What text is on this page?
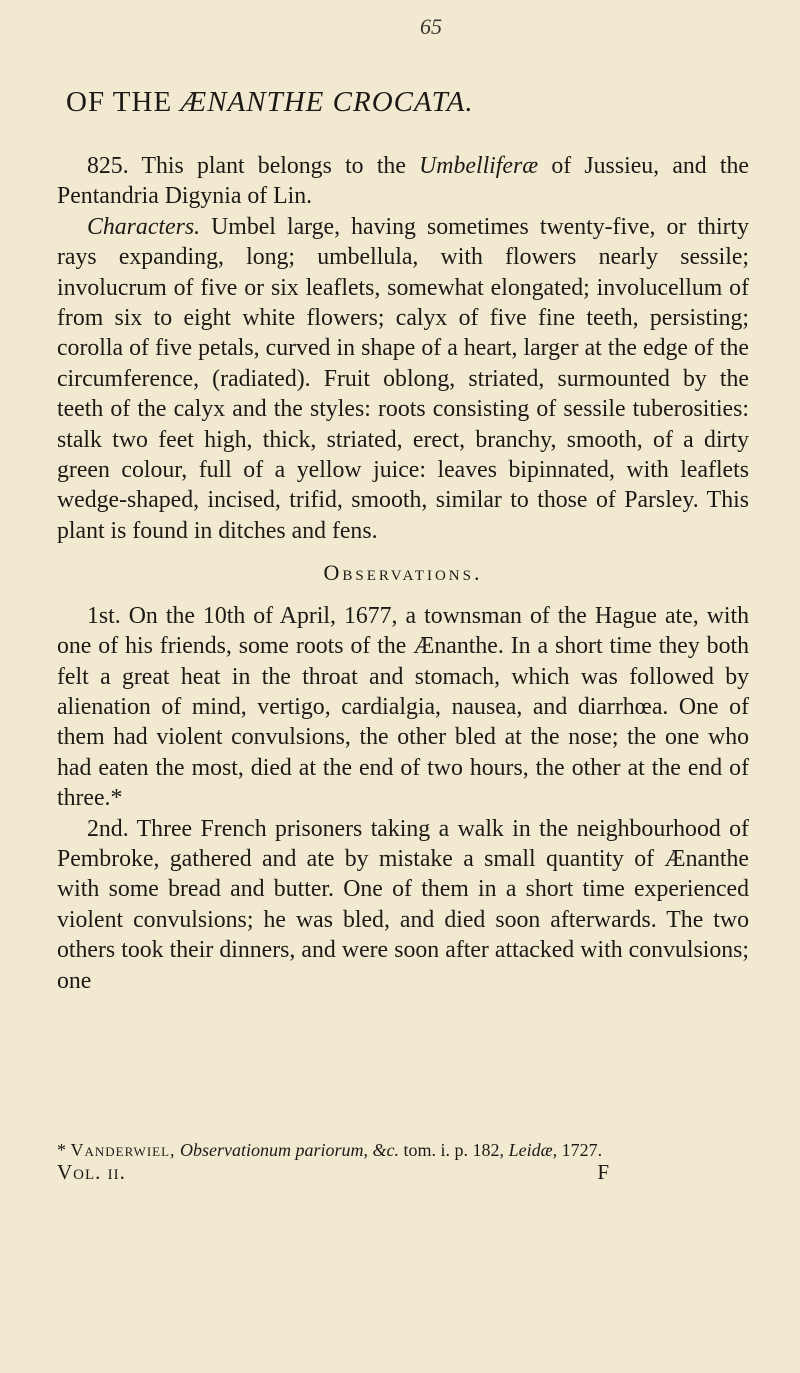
65
OF THE ÆNANTHE CROCATA.

825. This plant belongs to the Umbelliferæ of Jussieu, and the Pentandria Digynia of Lin.

Characters. Umbel large, having sometimes twenty-five, or thirty rays expanding, long; umbellula, with flowers nearly sessile; involucrum of five or six leaflets, somewhat elongated; involucellum of from six to eight white flowers; calyx of five fine teeth, persisting; corolla of five petals, curved in shape of a heart, larger at the edge of the circumference, (radiated). Fruit oblong, striated, surmounted by the teeth of the calyx and the styles: roots consisting of sessile tuberosities: stalk two feet high, thick, striated, erect, branchy, smooth, of a dirty green colour, full of a yellow juice: leaves bipinnated, with leaflets wedge-shaped, incised, trifid, smooth, similar to those of Parsley. This plant is found in ditches and fens.

Observations.

1st. On the 10th of April, 1677, a townsman of the Hague ate, with one of his friends, some roots of the Ænanthe. In a short time they both felt a great heat in the throat and stomach, which was followed by alienation of mind, vertigo, cardialgia, nausea, and diarrhœa. One of them had violent convulsions, the other bled at the nose; the one who had eaten the most, died at the end of two hours, the other at the end of three.*

2nd. Three French prisoners taking a walk in the neighbourhood of Pembroke, gathered and ate by mistake a small quantity of Ænanthe with some bread and butter. One of them in a short time experienced violent convulsions; he was bled, and died soon afterwards. The two others took their dinners, and were soon after attacked with convulsions; one

* Vanderwiel, Observationum pariorum, &c. tom. i. p. 182, Leidæ, 1727.
Vol. ii.	F
